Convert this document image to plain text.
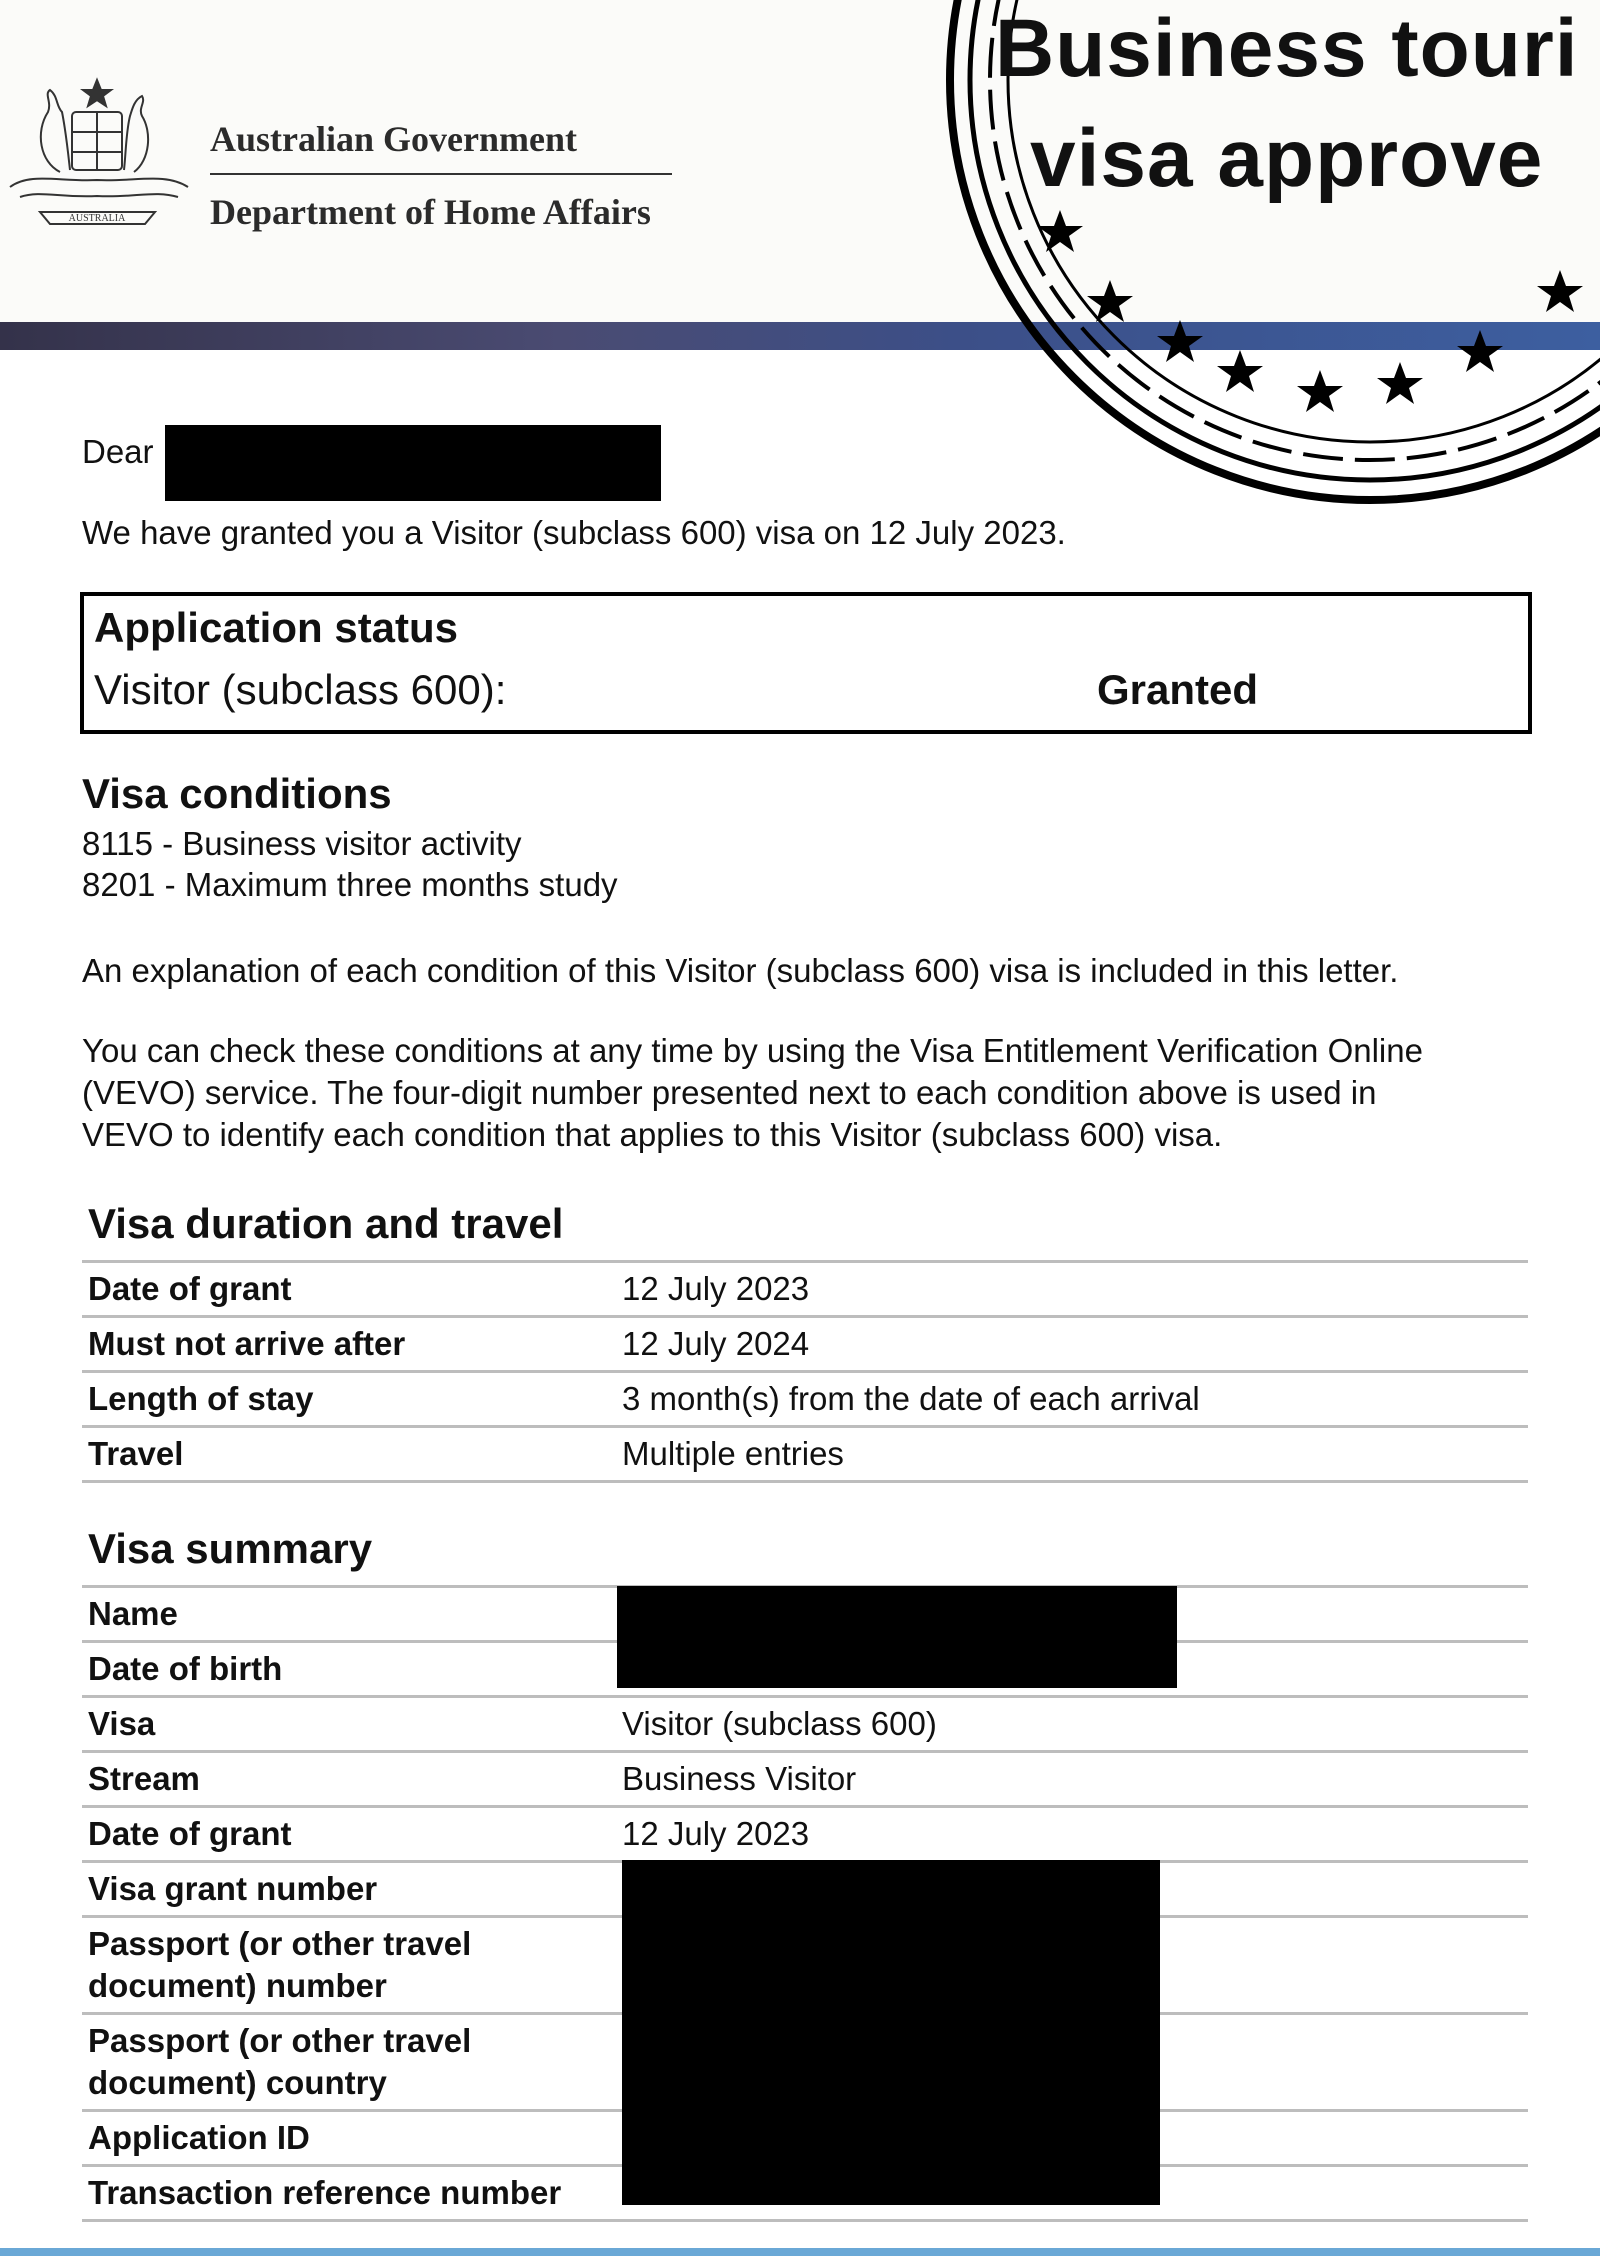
AUSTRALIA
Australian Government
Department of Home Affairs
Business touri
visa approve
Dear
We have granted you a Visitor (subclass 600) visa on 12 July 2023.
Application status
Visitor (subclass 600):	Granted
Visa conditions
8115 - Business visitor activity
8201 - Maximum three months study
An explanation of each condition of this Visitor (subclass 600) visa is included in this letter.
You can check these conditions at any time by using the Visa Entitlement Verification Online
(VEVO) service. The four-digit number presented next to each condition above is used in
VEVO to identify each condition that applies to this Visitor (subclass 600) visa.
Visa duration and travel
Date of grant	12 July 2023
Must not arrive after	12 July 2024
Length of stay	3 month(s) from the date of each arrival
Travel	Multiple entries
Visa summary
Name
Date of birth
Visa	Visitor (subclass 600)
Stream	Business Visitor
Date of grant	12 July 2023
Visa grant number
Passport (or other travel
document) number
Passport (or other travel
document) country
Application ID
Transaction reference number
